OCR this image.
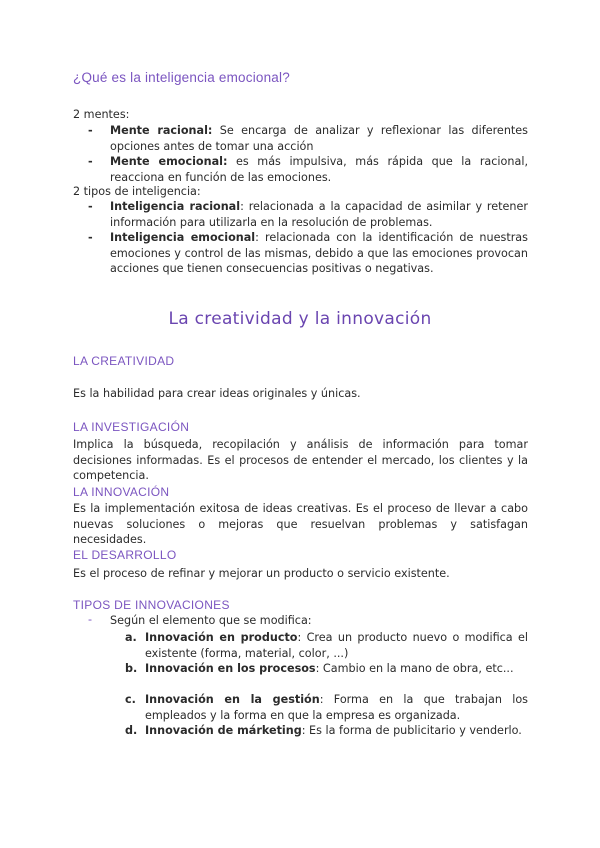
¿Qué es la inteligencia emocional?
2 mentes:
- Mente racional: Se encarga de analizar y reflexionar las diferentes opciones antes de tomar una acción
- Mente emocional: es más impulsiva, más rápida que la racional, reacciona en función de las emociones.
2 tipos de inteligencia:
- Inteligencia racional: relacionada a la capacidad de asimilar y retener información para utilizarla en la resolución de problemas.
- Inteligencia emocional: relacionada con la identificación de nuestras emociones y control de las mismas, debido a que las emociones provocan acciones que tienen consecuencias positivas o negativas.
La creatividad y la innovación
LA CREATIVIDAD
Es la habilidad para crear ideas originales y únicas.
LA INVESTIGACIÓN
Implica la búsqueda, recopilación y análisis de información para tomar decisiones informadas. Es el procesos de entender el mercado, los clientes y la competencia.
LA INNOVACIÓN
Es la implementación exitosa de ideas creativas. Es el proceso de llevar a cabo nuevas soluciones o mejoras que resuelvan problemas y satisfagan necesidades.
EL DESARROLLO
Es el proceso de refinar y mejorar un producto o servicio existente.
TIPOS DE INNOVACIONES
- Según el elemento que se modifica:
a. Innovación en producto: Crea un producto nuevo o modifica el existente (forma, material, color, ...)
b. Innovación en los procesos: Cambio en la mano de obra, etc...
c. Innovación en la gestión: Forma en la que trabajan los empleados y la forma en que la empresa es organizada.
d. Innovación de márketing: Es la forma de publicitario y venderlo.
